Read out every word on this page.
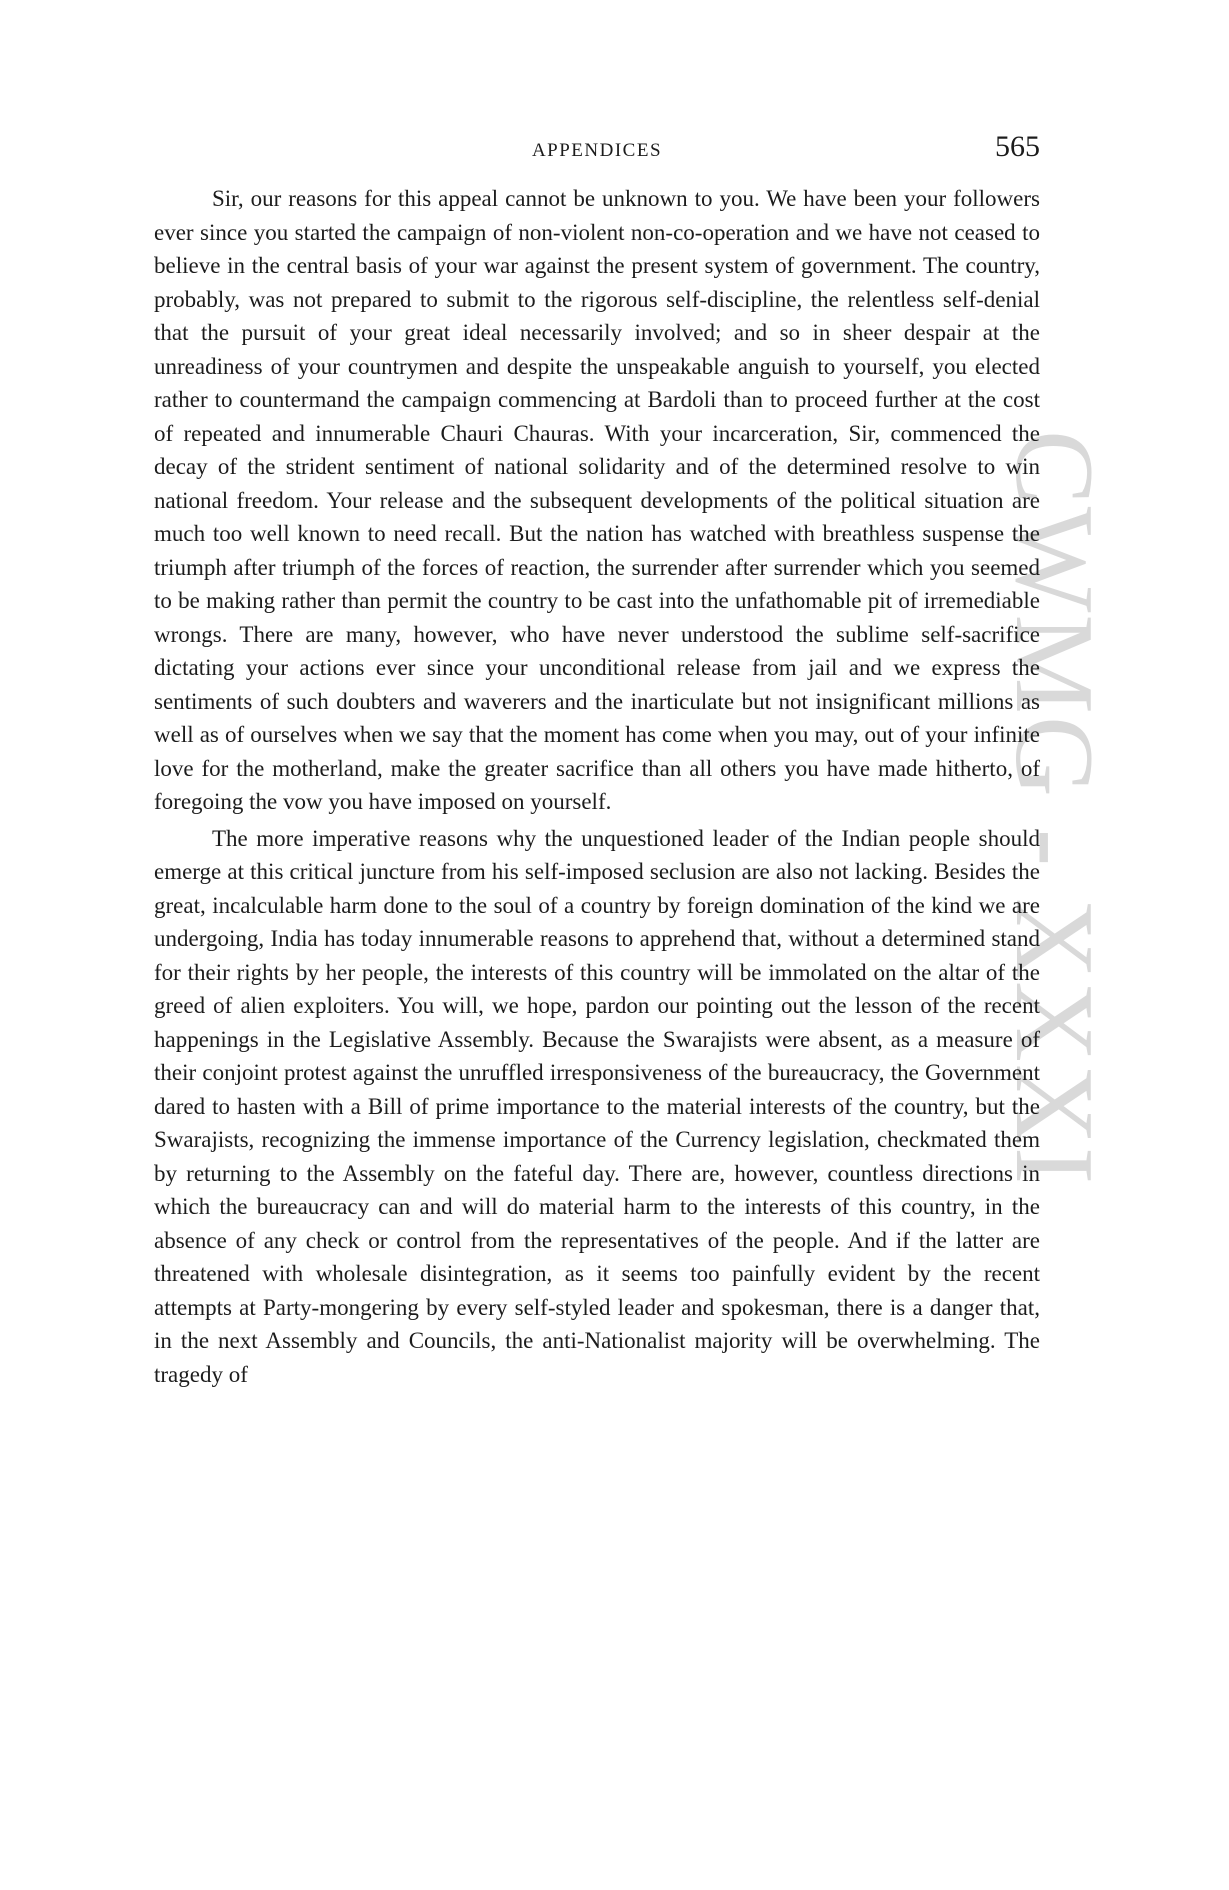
CWMG - XXXI
APPENDICES	565

Sir, our reasons for this appeal cannot be unknown to you. We have been your followers ever since you started the campaign of non-violent non-co-operation and we have not ceased to believe in the central basis of your war against the present system of government. The country, probably, was not prepared to submit to the rigorous self-discipline, the relentless self-denial that the pursuit of your great ideal necessarily involved; and so in sheer despair at the unreadiness of your countrymen and despite the unspeakable anguish to yourself, you elected rather to countermand the campaign commencing at Bardoli than to proceed further at the cost of repeated and innumerable Chauri Chauras. With your incarceration, Sir, commenced the decay of the strident sentiment of national solidarity and of the determined resolve to win national freedom. Your release and the subsequent developments of the political situation are much too well known to need recall. But the nation has watched with breathless suspense the triumph after triumph of the forces of reaction, the surrender after surrender which you seemed to be making rather than permit the country to be cast into the unfathomable pit of irremediable wrongs. There are many, however, who have never understood the sublime self-sacrifice dictating your actions ever since your unconditional release from jail and we express the sentiments of such doubters and waverers and the inarticulate but not insignificant millions as well as of ourselves when we say that the moment has come when you may, out of your infinite love for the motherland, make the greater sacrifice than all others you have made hitherto, of foregoing the vow you have imposed on yourself.

The more imperative reasons why the unquestioned leader of the Indian people should emerge at this critical juncture from his self-imposed seclusion are also not lacking. Besides the great, incalculable harm done to the soul of a country by foreign domination of the kind we are undergoing, India has today innumerable reasons to apprehend that, without a determined stand for their rights by her people, the interests of this country will be immolated on the altar of the greed of alien exploiters. You will, we hope, pardon our pointing out the lesson of the recent happenings in the Legislative Assembly. Because the Swarajists were absent, as a measure of their conjoint protest against the unruffled irresponsiveness of the bureaucracy, the Government dared to hasten with a Bill of prime importance to the material interests of the country, but the Swarajists, recognizing the immense importance of the Currency legislation, checkmated them by returning to the Assembly on the fateful day. There are, however, countless directions in which the bureaucracy can and will do material harm to the interests of this country, in the absence of any check or control from the representatives of the people. And if the latter are threatened with wholesale disintegration, as it seems too painfully evident by the recent attempts at Party-mongering by every self-styled leader and spokesman, there is a danger that, in the next Assembly and Councils, the anti-Nationalist majority will be overwhelming. The tragedy of
